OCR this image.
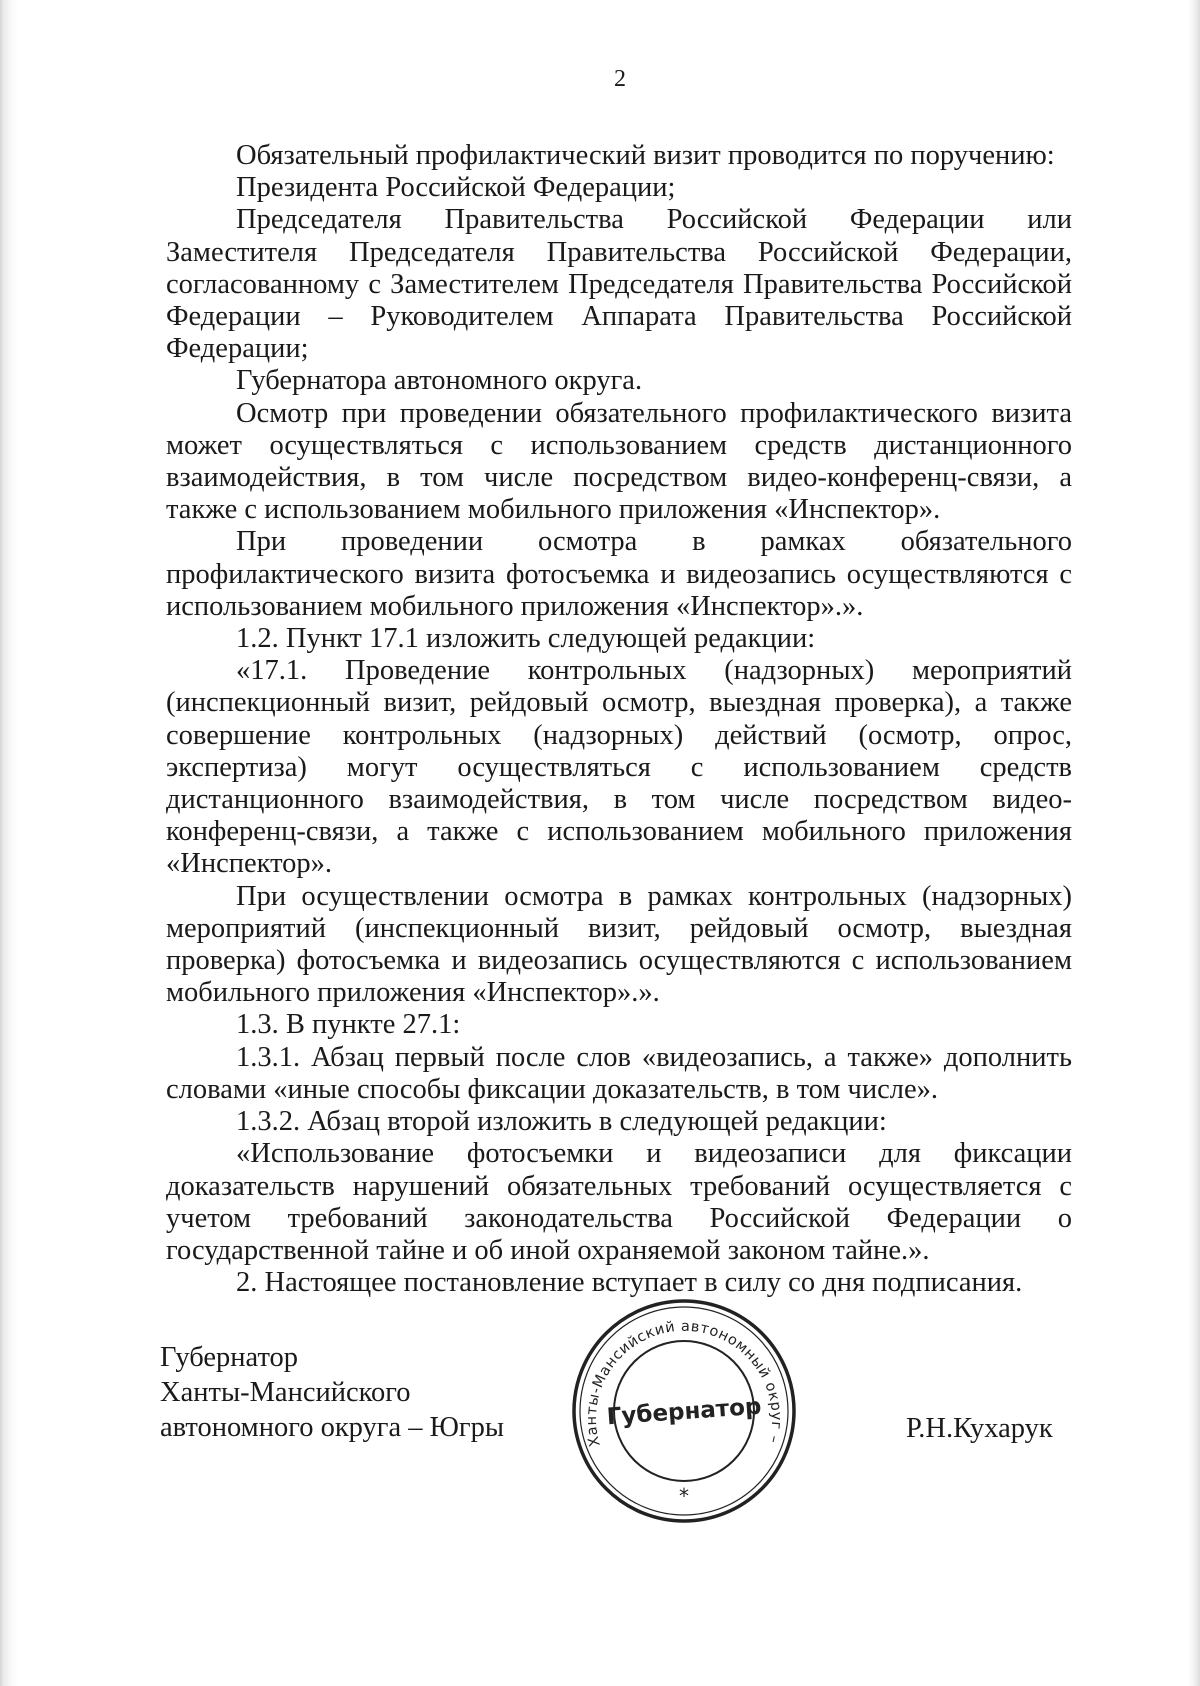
2

Обязательный профилактический визит проводится по поручению:

Президента Российской Федерации;

Председателя Правительства Российской Федерации или Заместителя Председателя Правительства Российской Федерации, согласованному с Заместителем Председателя Правительства Российской Федерации – Руководителем Аппарата Правительства Российской Федерации;

Губернатора автономного округа.

Осмотр при проведении обязательного профилактического визита может осуществляться с использованием средств дистанционного взаимодействия, в том числе посредством видео-конференц-связи, а также с использованием мобильного приложения «Инспектор».

При проведении осмотра в рамках обязательного профилактического визита фотосъемка и видеозапись осуществляются с использованием мобильного приложения «Инспектор».».

1.2. Пункт 17.1 изложить следующей редакции:

«17.1. Проведение контрольных (надзорных) мероприятий (инспекционный визит, рейдовый осмотр, выездная проверка), а также совершение контрольных (надзорных) действий (осмотр, опрос, экспертиза) могут осуществляться с использованием средств дистанционного взаимодействия, в том числе посредством видео-конференц-связи, а также с использованием мобильного приложения «Инспектор».

При осуществлении осмотра в рамках контрольных (надзорных) мероприятий (инспекционный визит, рейдовый осмотр, выездная проверка) фотосъемка и видеозапись осуществляются с использованием мобильного приложения «Инспектор».».

1.3. В пункте 27.1:

1.3.1. Абзац первый после слов «видеозапись, а также» дополнить словами «иные способы фиксации доказательств, в том числе».

1.3.2. Абзац второй изложить в следующей редакции:

«Использование фотосъемки и видеозаписи для фиксации доказательств нарушений обязательных требований осуществляется с учетом требований законодательства Российской Федерации о государственной тайне и об иной охраняемой законом тайне.».

2. Настоящее постановление вступает в силу со дня подписания.

Губернатор
Ханты-Мансийского
автономного округа – Югры	Ханты-Мансийский автономный округ –
Губернатор
*
Р.Н.Кухарук
